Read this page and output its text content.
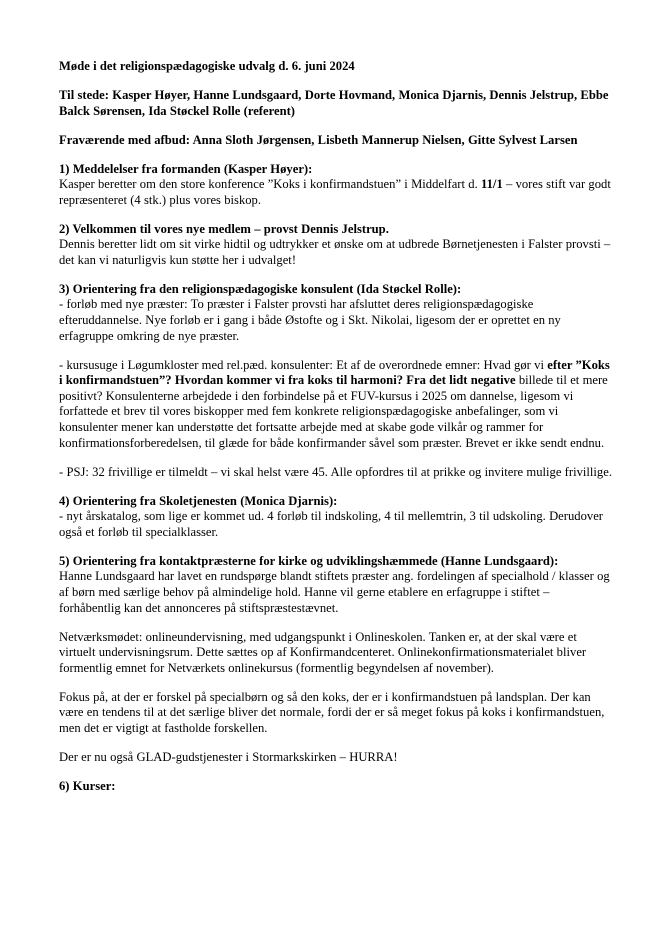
Møde i det religionspædagogiske udvalg d. 6. juni 2024

Til stede: Kasper Høyer, Hanne Lundsgaard, Dorte Hovmand, Monica Djarnis, Dennis Jelstrup, Ebbe Balck Sørensen, Ida Støckel Rolle (referent)

Fraværende med afbud: Anna Sloth Jørgensen, Lisbeth Mannerup Nielsen, Gitte Sylvest Larsen

1) Meddelelser fra formanden (Kasper Høyer):

Kasper beretter om den store konference ”Koks i konfirmandstuen” i Middelfart d. 11/1 – vores stift var godt repræsenteret (4 stk.) plus vores biskop.

2) Velkommen til vores nye medlem – provst Dennis Jelstrup.

Dennis beretter lidt om sit virke hidtil og udtrykker et ønske om at udbrede Børnetjenesten i Falster provsti – det kan vi naturligvis kun støtte her i udvalget!

3) Orientering fra den religionspædagogiske konsulent (Ida Støckel Rolle):

- forløb med nye præster: To præster i Falster provsti har afsluttet deres religionspædagogiske efteruddannelse. Nye forløb er i gang i både Østofte og i Skt. Nikolai, ligesom der er oprettet en ny erfagruppe omkring de nye præster.

- kursusuge i Løgumkloster med rel.pæd. konsulenter: Et af de overordnede emner: Hvad gør vi efter ”Koks i konfirmandstuen”? Hvordan kommer vi fra koks til harmoni? Fra det lidt negative billede til et mere positivt? Konsulenterne arbejdede i den forbindelse på et FUV-kursus i 2025 om dannelse, ligesom vi forfattede et brev til vores biskopper med fem konkrete religionspædagogiske anbefalinger, som vi konsulenter mener kan understøtte det fortsatte arbejde med at skabe gode vilkår og rammer for konfirmationsforberedelsen, til glæde for både konfirmander såvel som præster. Brevet er ikke sendt endnu.

- PSJ: 32 frivillige er tilmeldt – vi skal helst være 45. Alle opfordres til at prikke og invitere mulige frivillige.

4) Orientering fra Skoletjenesten (Monica Djarnis):

- nyt årskatalog, som lige er kommet ud. 4 forløb til indskoling, 4 til mellemtrin, 3 til udskoling. Derudover også et forløb til specialklasser.

5) Orientering fra kontaktpræsterne for kirke og udviklingshæmmede (Hanne Lundsgaard):

Hanne Lundsgaard har lavet en rundspørge blandt stiftets præster ang. fordelingen af specialhold / klasser og af børn med særlige behov på almindelige hold. Hanne vil gerne etablere en erfagruppe i stiftet – forhåbentlig kan det annonceres på stiftspræstestævnet.

Netværksmødet: onlineundervisning, med udgangspunkt i Onlineskolen. Tanken er, at der skal være et virtuelt undervisningsrum. Dette sættes op af Konfirmandcenteret. Onlinekonfirmationsmaterialet bliver formentlig emnet for Netværkets onlinekursus (formentlig begyndelsen af november).

Fokus på, at der er forskel på specialbørn og så den koks, der er i konfirmandstuen på landsplan. Der kan være en tendens til at det særlige bliver det normale, fordi der er så meget fokus på koks i konfirmandstuen, men det er vigtigt at fastholde forskellen.

Der er nu også GLAD-gudstjenester i Stormarkskirken – HURRA!

6) Kurser:
